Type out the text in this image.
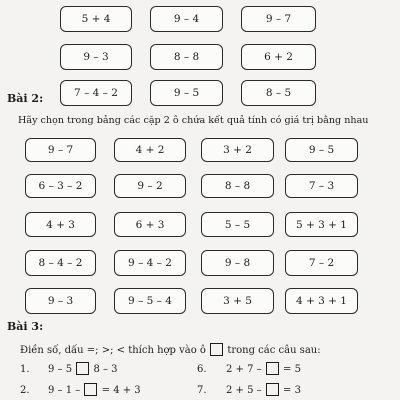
5 + 4	9 – 4	9 – 7
9 – 3	8 – 8	6 + 2
7 – 4 – 2	9 – 5	8 – 5
Bài 2:
Hãy chọn trong bảng các cặp 2 ô chứa kết quả tính có giá trị bằng nhau
9 – 7	4 + 2	3 + 2	9 – 5
6 – 3 – 2	9 – 2	8 – 8	7 – 3
4 + 3	6 + 3	5 – 5	5 + 3 + 1
8 – 4 – 2	9 – 4 – 2	9 – 8	7 – 2
9 – 3	9 – 5 – 4	3 + 5	4 + 3 + 1
Bài 3:
Điền số, dấu =; >; < thích hợp vào ô  trong các câu sau:
1. 9 – 5  8 – 3	6. 2 + 7 –  = 5
2. 9 – 1 –  = 4 + 3	7. 2 + 5 –  = 3
